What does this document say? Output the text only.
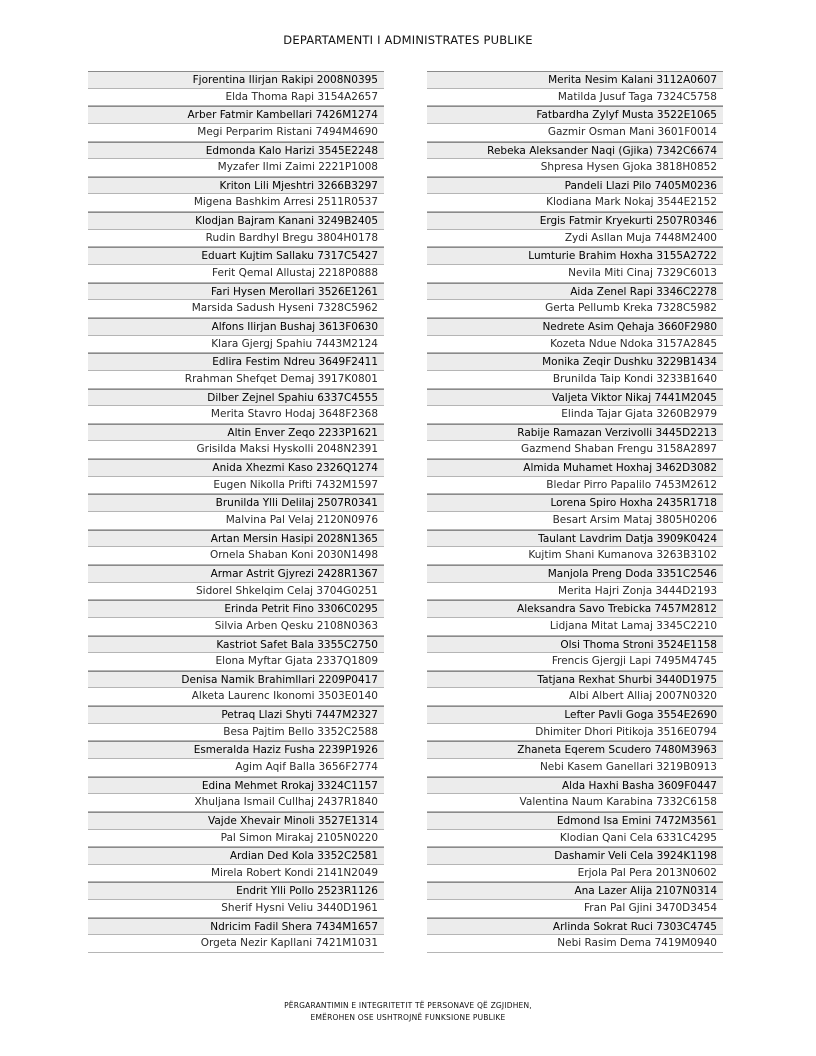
DEPARTAMENTI I ADMINISTRATES PUBLIKE
Fjorentina Ilirjan Rakipi 2008N0395
Elda Thoma Rapi 3154A2657
Arber Fatmir Kambellari 7426M1274
Megi Perparim Ristani 7494M4690
Edmonda Kalo Harizi 3545E2248
Myzafer Ilmi Zaimi 2221P1008
Kriton Lili Mjeshtri 3266B3297
Migena Bashkim Arresi 2511R0537
Klodjan Bajram Kanani 3249B2405
Rudin Bardhyl Bregu 3804H0178
Eduart Kujtim Sallaku 7317C5427
Ferit Qemal Allustaj 2218P0888
Fari Hysen Merollari 3526E1261
Marsida Sadush Hyseni 7328C5962
Alfons Ilirjan Bushaj 3613F0630
Klara Gjergj Spahiu 7443M2124
Edlira Festim Ndreu 3649F2411
Rrahman Shefqet Demaj 3917K0801
Dilber Zejnel Spahiu 6337C4555
Merita Stavro Hodaj 3648F2368
Altin Enver Zeqo 2233P1621
Grisilda Maksi Hyskolli 2048N2391
Anida Xhezmi Kaso 2326Q1274
Eugen Nikolla Prifti 7432M1597
Brunilda Ylli Delilaj 2507R0341
Malvina Pal Velaj 2120N0976
Artan Mersin Hasipi 2028N1365
Ornela Shaban Koni 2030N1498
Armar Astrit Gjyrezi 2428R1367
Sidorel Shkelqim Celaj 3704G0251
Erinda Petrit Fino 3306C0295
Silvia Arben Qesku 2108N0363
Kastriot Safet Bala 3355C2750
Elona Myftar Gjata 2337Q1809
Denisa Namik Brahimllari 2209P0417
Alketa Laurenc Ikonomi 3503E0140
Petraq Llazi Shyti 7447M2327
Besa Pajtim Bello 3352C2588
Esmeralda Haziz Fusha 2239P1926
Agim Aqif Balla 3656F2774
Edina Mehmet Rrokaj 3324C1157
Xhuljana Ismail Cullhaj 2437R1840
Vajde Xhevair Minoli 3527E1314
Pal Simon Mirakaj 2105N0220
Ardian Ded Kola 3352C2581
Mirela Robert Kondi 2141N2049
Endrit Ylli Pollo 2523R1126
Sherif Hysni Veliu 3440D1961
Ndricim Fadil Shera 7434M1657
Orgeta Nezir Kapllani 7421M1031
Merita Nesim Kalani 3112A0607
Matilda Jusuf Taga 7324C5758
Fatbardha Zylyf Musta 3522E1065
Gazmir Osman Mani 3601F0014
Rebeka Aleksander Naqi (Gjika) 7342C6674
Shpresa Hysen Gjoka 3818H0852
Pandeli Llazi Pilo 7405M0236
Klodiana Mark Nokaj 3544E2152
Ergis Fatmir Kryekurti 2507R0346
Zydi Asllan Muja 7448M2400
Lumturie Brahim Hoxha 3155A2722
Nevila Miti Cinaj 7329C6013
Aida Zenel Rapi 3346C2278
Gerta Pellumb Kreka 7328C5982
Nedrete Asim Qehaja 3660F2980
Kozeta Ndue Ndoka 3157A2845
Monika Zeqir Dushku 3229B1434
Brunilda Taip Kondi 3233B1640
Valjeta Viktor Nikaj 7441M2045
Elinda Tajar Gjata 3260B2979
Rabije Ramazan Verzivolli 3445D2213
Gazmend Shaban Frengu 3158A2897
Almida Muhamet Hoxhaj 3462D3082
Bledar Pirro Papalilo 7453M2612
Lorena Spiro Hoxha 2435R1718
Besart Arsim Mataj 3805H0206
Taulant Lavdrim Datja 3909K0424
Kujtim Shani Kumanova 3263B3102
Manjola Preng Doda 3351C2546
Merita Hajri Zonja 3444D2193
Aleksandra Savo Trebicka 7457M2812
Lidjana Mitat Lamaj 3345C2210
Olsi Thoma Stroni 3524E1158
Frencis Gjergji Lapi 7495M4745
Tatjana Rexhat Shurbi 3440D1975
Albi Albert Alliaj 2007N0320
Lefter Pavli Goga 3554E2690
Dhimiter Dhori Pitikoja 3516E0794
Zhaneta Eqerem Scudero 7480M3963
Nebi Kasem Ganellari 3219B0913
Alda Haxhi Basha 3609F0447
Valentina Naum Karabina 7332C6158
Edmond Isa Emini 7472M3561
Klodian Qani Cela 6331C4295
Dashamir Veli Cela 3924K1198
Erjola Pal Pera 2013N0602
Ana Lazer Alija 2107N0314
Fran Pal Gjini 3470D3454
Arlinda Sokrat Ruci 7303C4745
Nebi Rasim Dema 7419M0940
PËRGARANTIMIN E INTEGRITETIT TË PERSONAVE QË ZGJIDHEN,
EMËROHEN OSE USHTROJNË FUNKSIONE PUBLIKE
